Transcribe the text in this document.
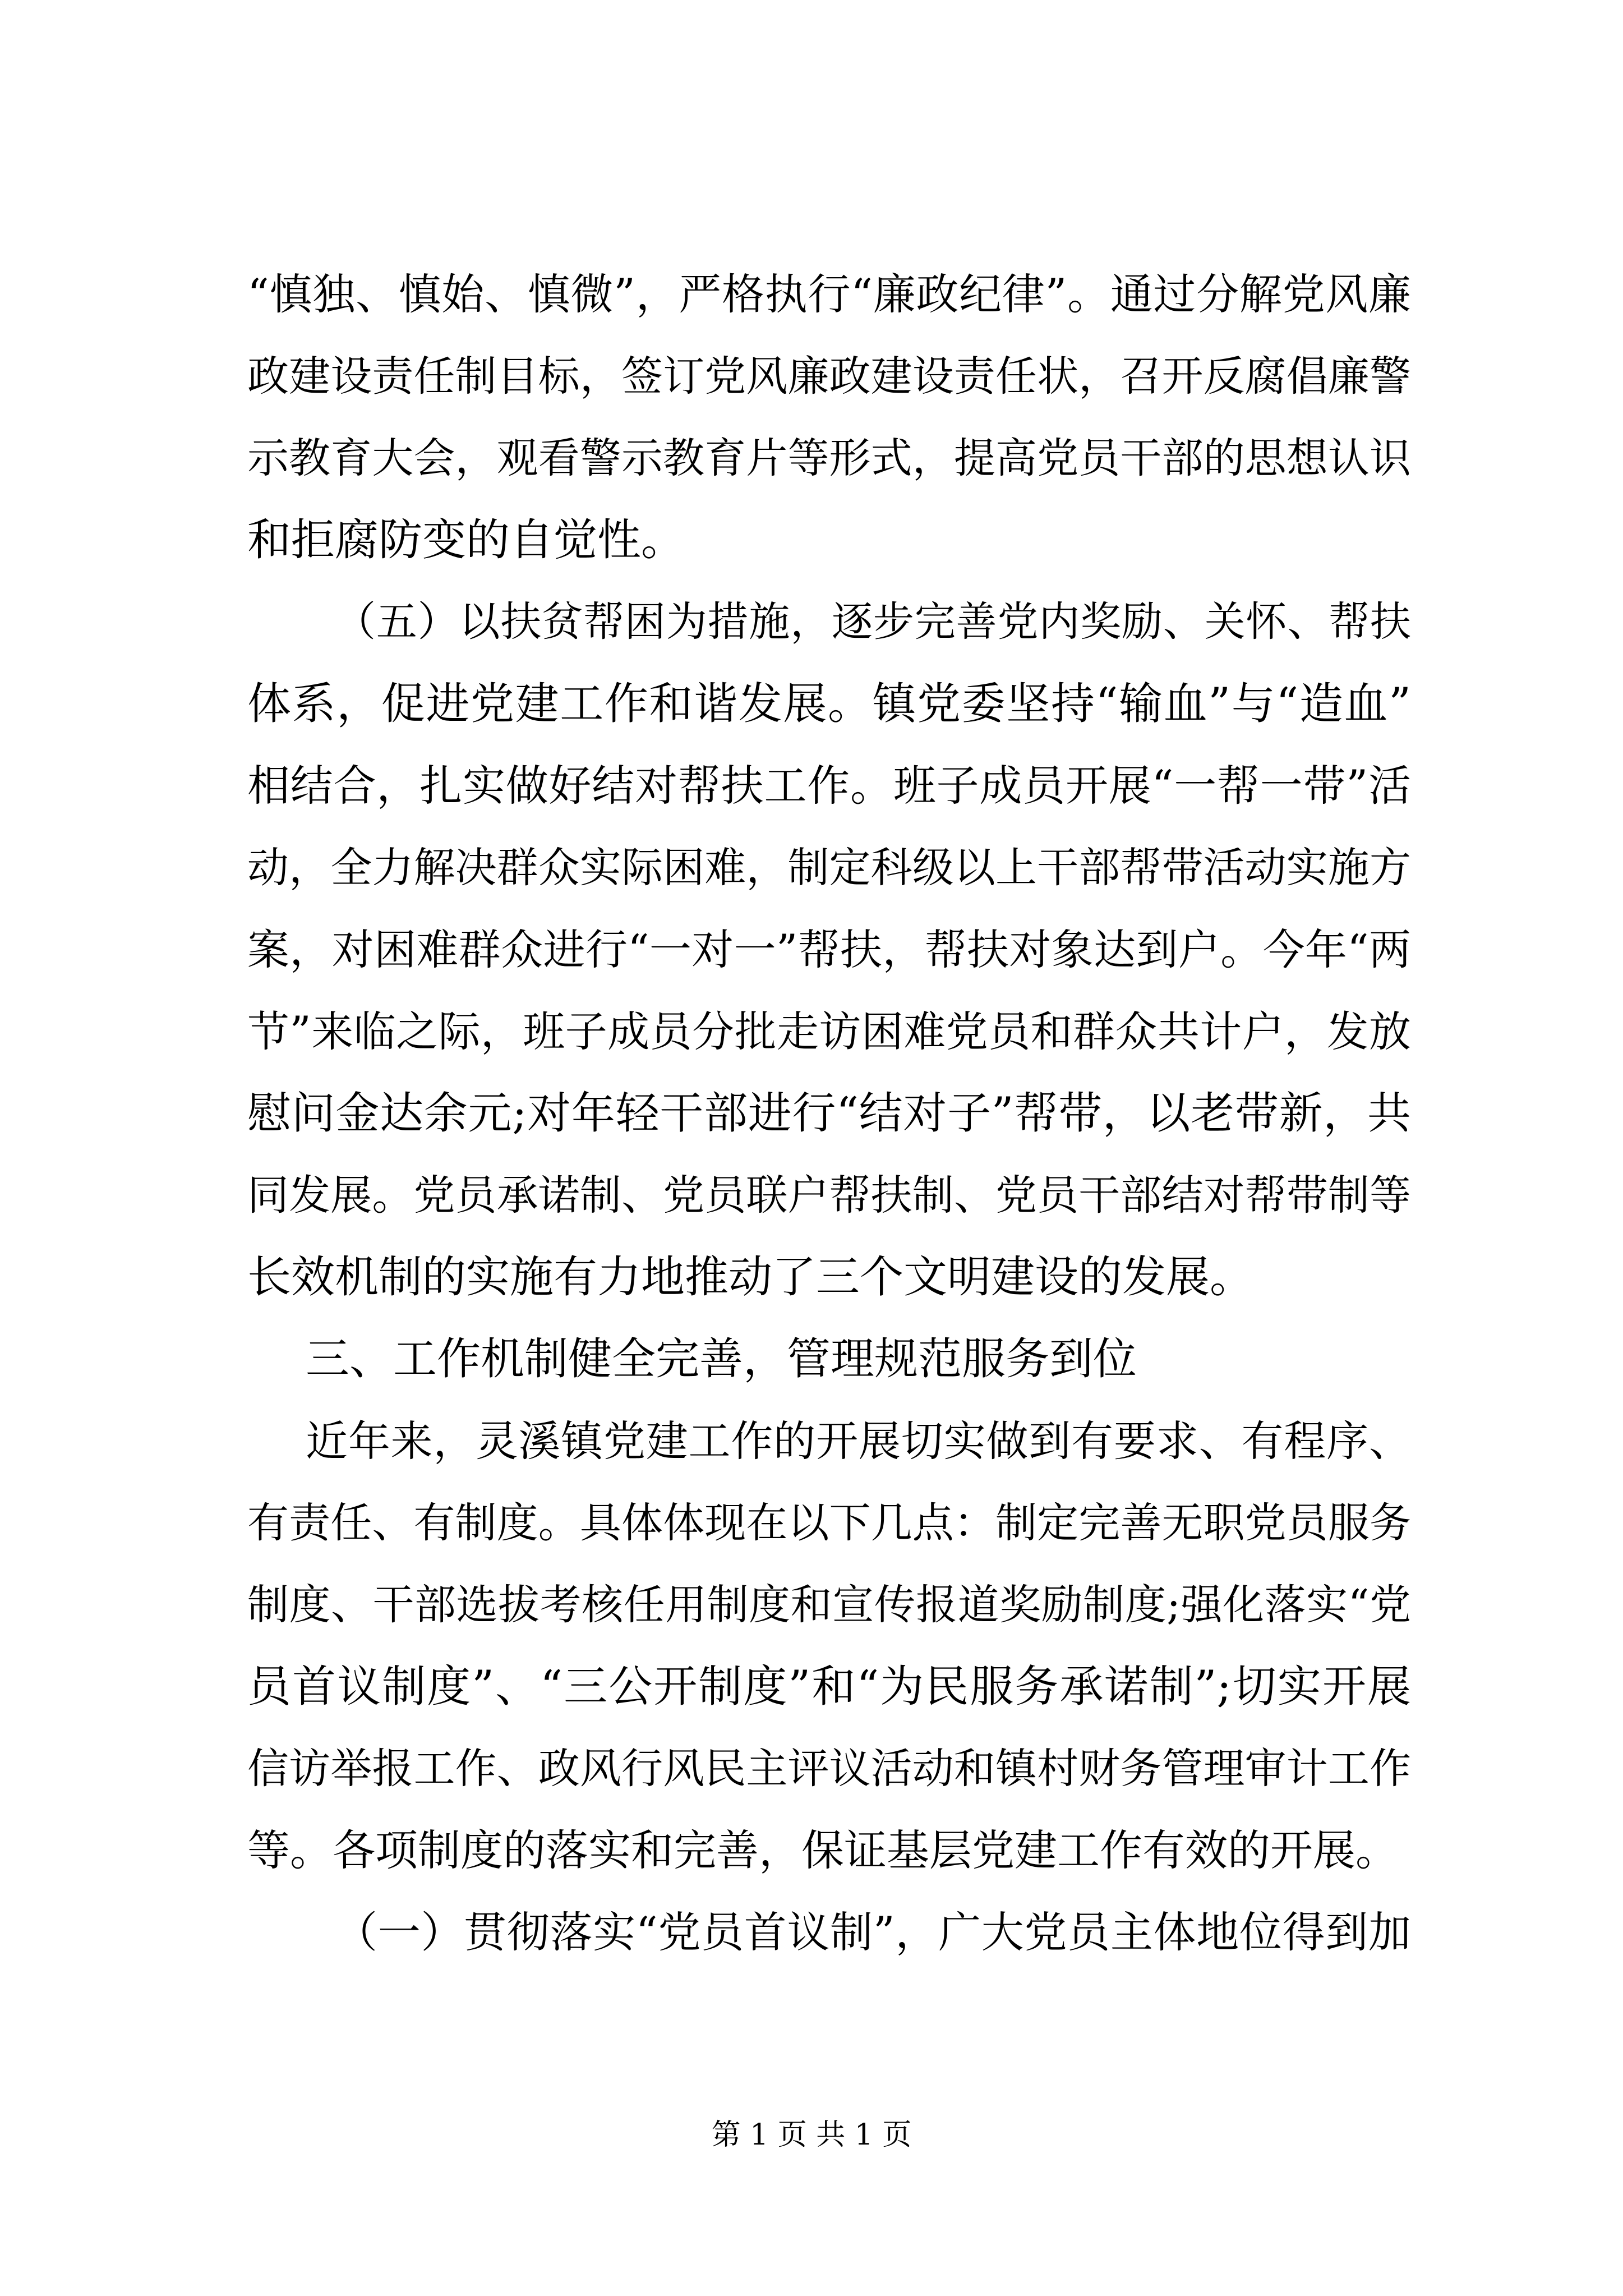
“慎独、慎始、慎微”，严格执行“廉政纪律”。通过分解党风廉
政建设责任制目标，签订党风廉政建设责任状，召开反腐倡廉警
示教育大会，观看警示教育片等形式，提高党员干部的思想认识
和拒腐防变的自觉性。
（五）以扶贫帮困为措施，逐步完善党内奖励、关怀、帮扶
体系，促进党建工作和谐发展。镇党委坚持“输血”与“造血”
相结合，扎实做好结对帮扶工作。班子成员开展“一帮一带”活
动，全力解决群众实际困难，制定科级以上干部帮带活动实施方
案，对困难群众进行“一对一”帮扶，帮扶对象达到户。今年“两
节”来临之际，班子成员分批走访困难党员和群众共计户，发放
慰问金达余元;对年轻干部进行“结对子”帮带，以老带新，共
同发展。党员承诺制、党员联户帮扶制、党员干部结对帮带制等
长效机制的实施有力地推动了三个文明建设的发展。
三、工作机制健全完善，管理规范服务到位
近年来，灵溪镇党建工作的开展切实做到有要求、有程序、
有责任、有制度。具体体现在以下几点：制定完善无职党员服务
制度、干部选拔考核任用制度和宣传报道奖励制度;强化落实“党
员首议制度”、“三公开制度”和“为民服务承诺制”;切实开展
信访举报工作、政风行风民主评议活动和镇村财务管理审计工作
等。各项制度的落实和完善，保证基层党建工作有效的开展。
（一）贯彻落实“党员首议制”，广大党员主体地位得到加
第 1 页 共 1 页
